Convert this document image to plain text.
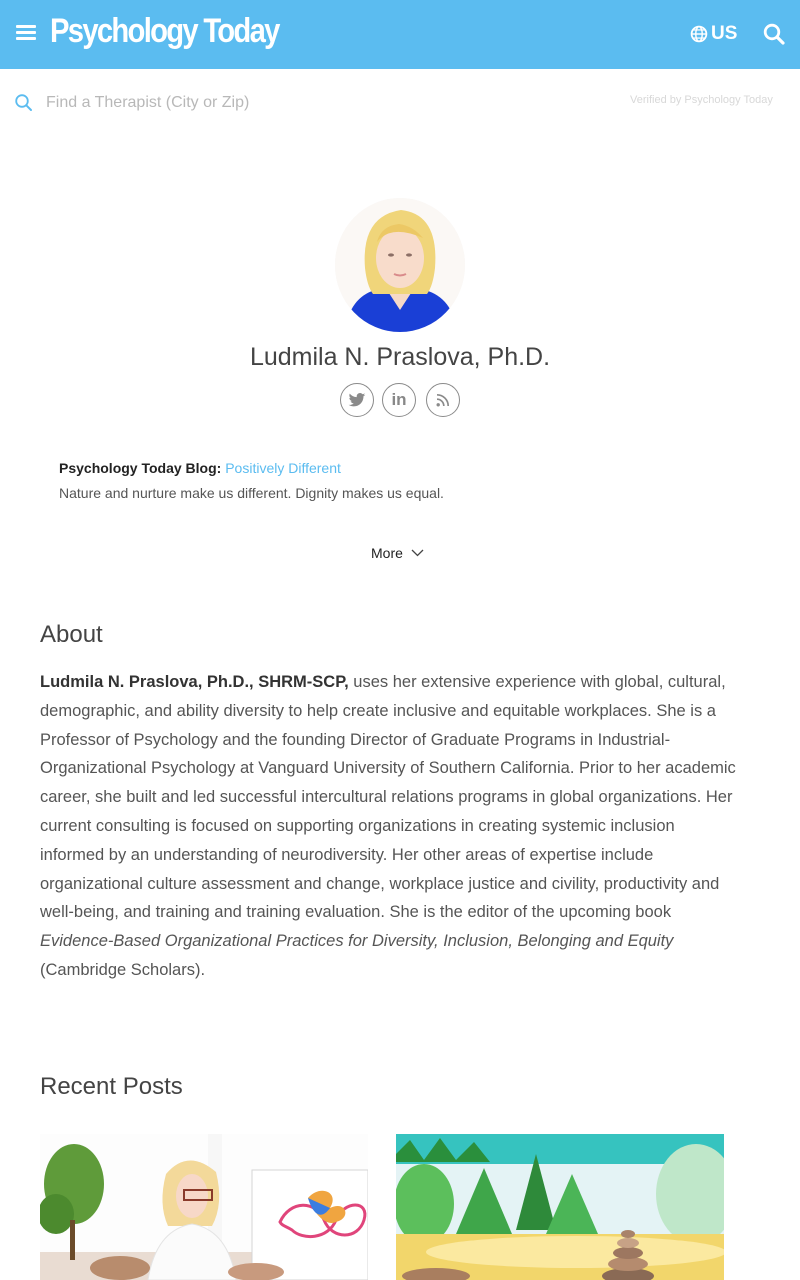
Psychology Today	US
Find a Therapist (City or Zip)
Verified by Psychology Today
Ludmila N. Praslova, Ph.D.
in
Psychology Today Blog: Positively Different
Nature and nurture make us different. Dignity makes us equal.
More
About

Ludmila N. Praslova, Ph.D., SHRM-SCP, uses her extensive experience with global, cultural, demographic, and ability diversity to help create inclusive and equitable workplaces. She is a Professor of Psychology and the founding Director of Graduate Programs in Industrial-Organizational Psychology at Vanguard University of Southern California. Prior to her academic career, she built and led successful intercultural relations programs in global organizations. Her current consulting is focused on supporting organizations in creating systemic inclusion informed by an understanding of neurodiversity. Her other areas of expertise include organizational culture assessment and change, workplace justice and civility, productivity and well-being, and training and training evaluation. She is the editor of the upcoming book Evidence-Based Organizational Practices for Diversity, Inclusion, Belonging and Equity (Cambridge Scholars).

Recent Posts
